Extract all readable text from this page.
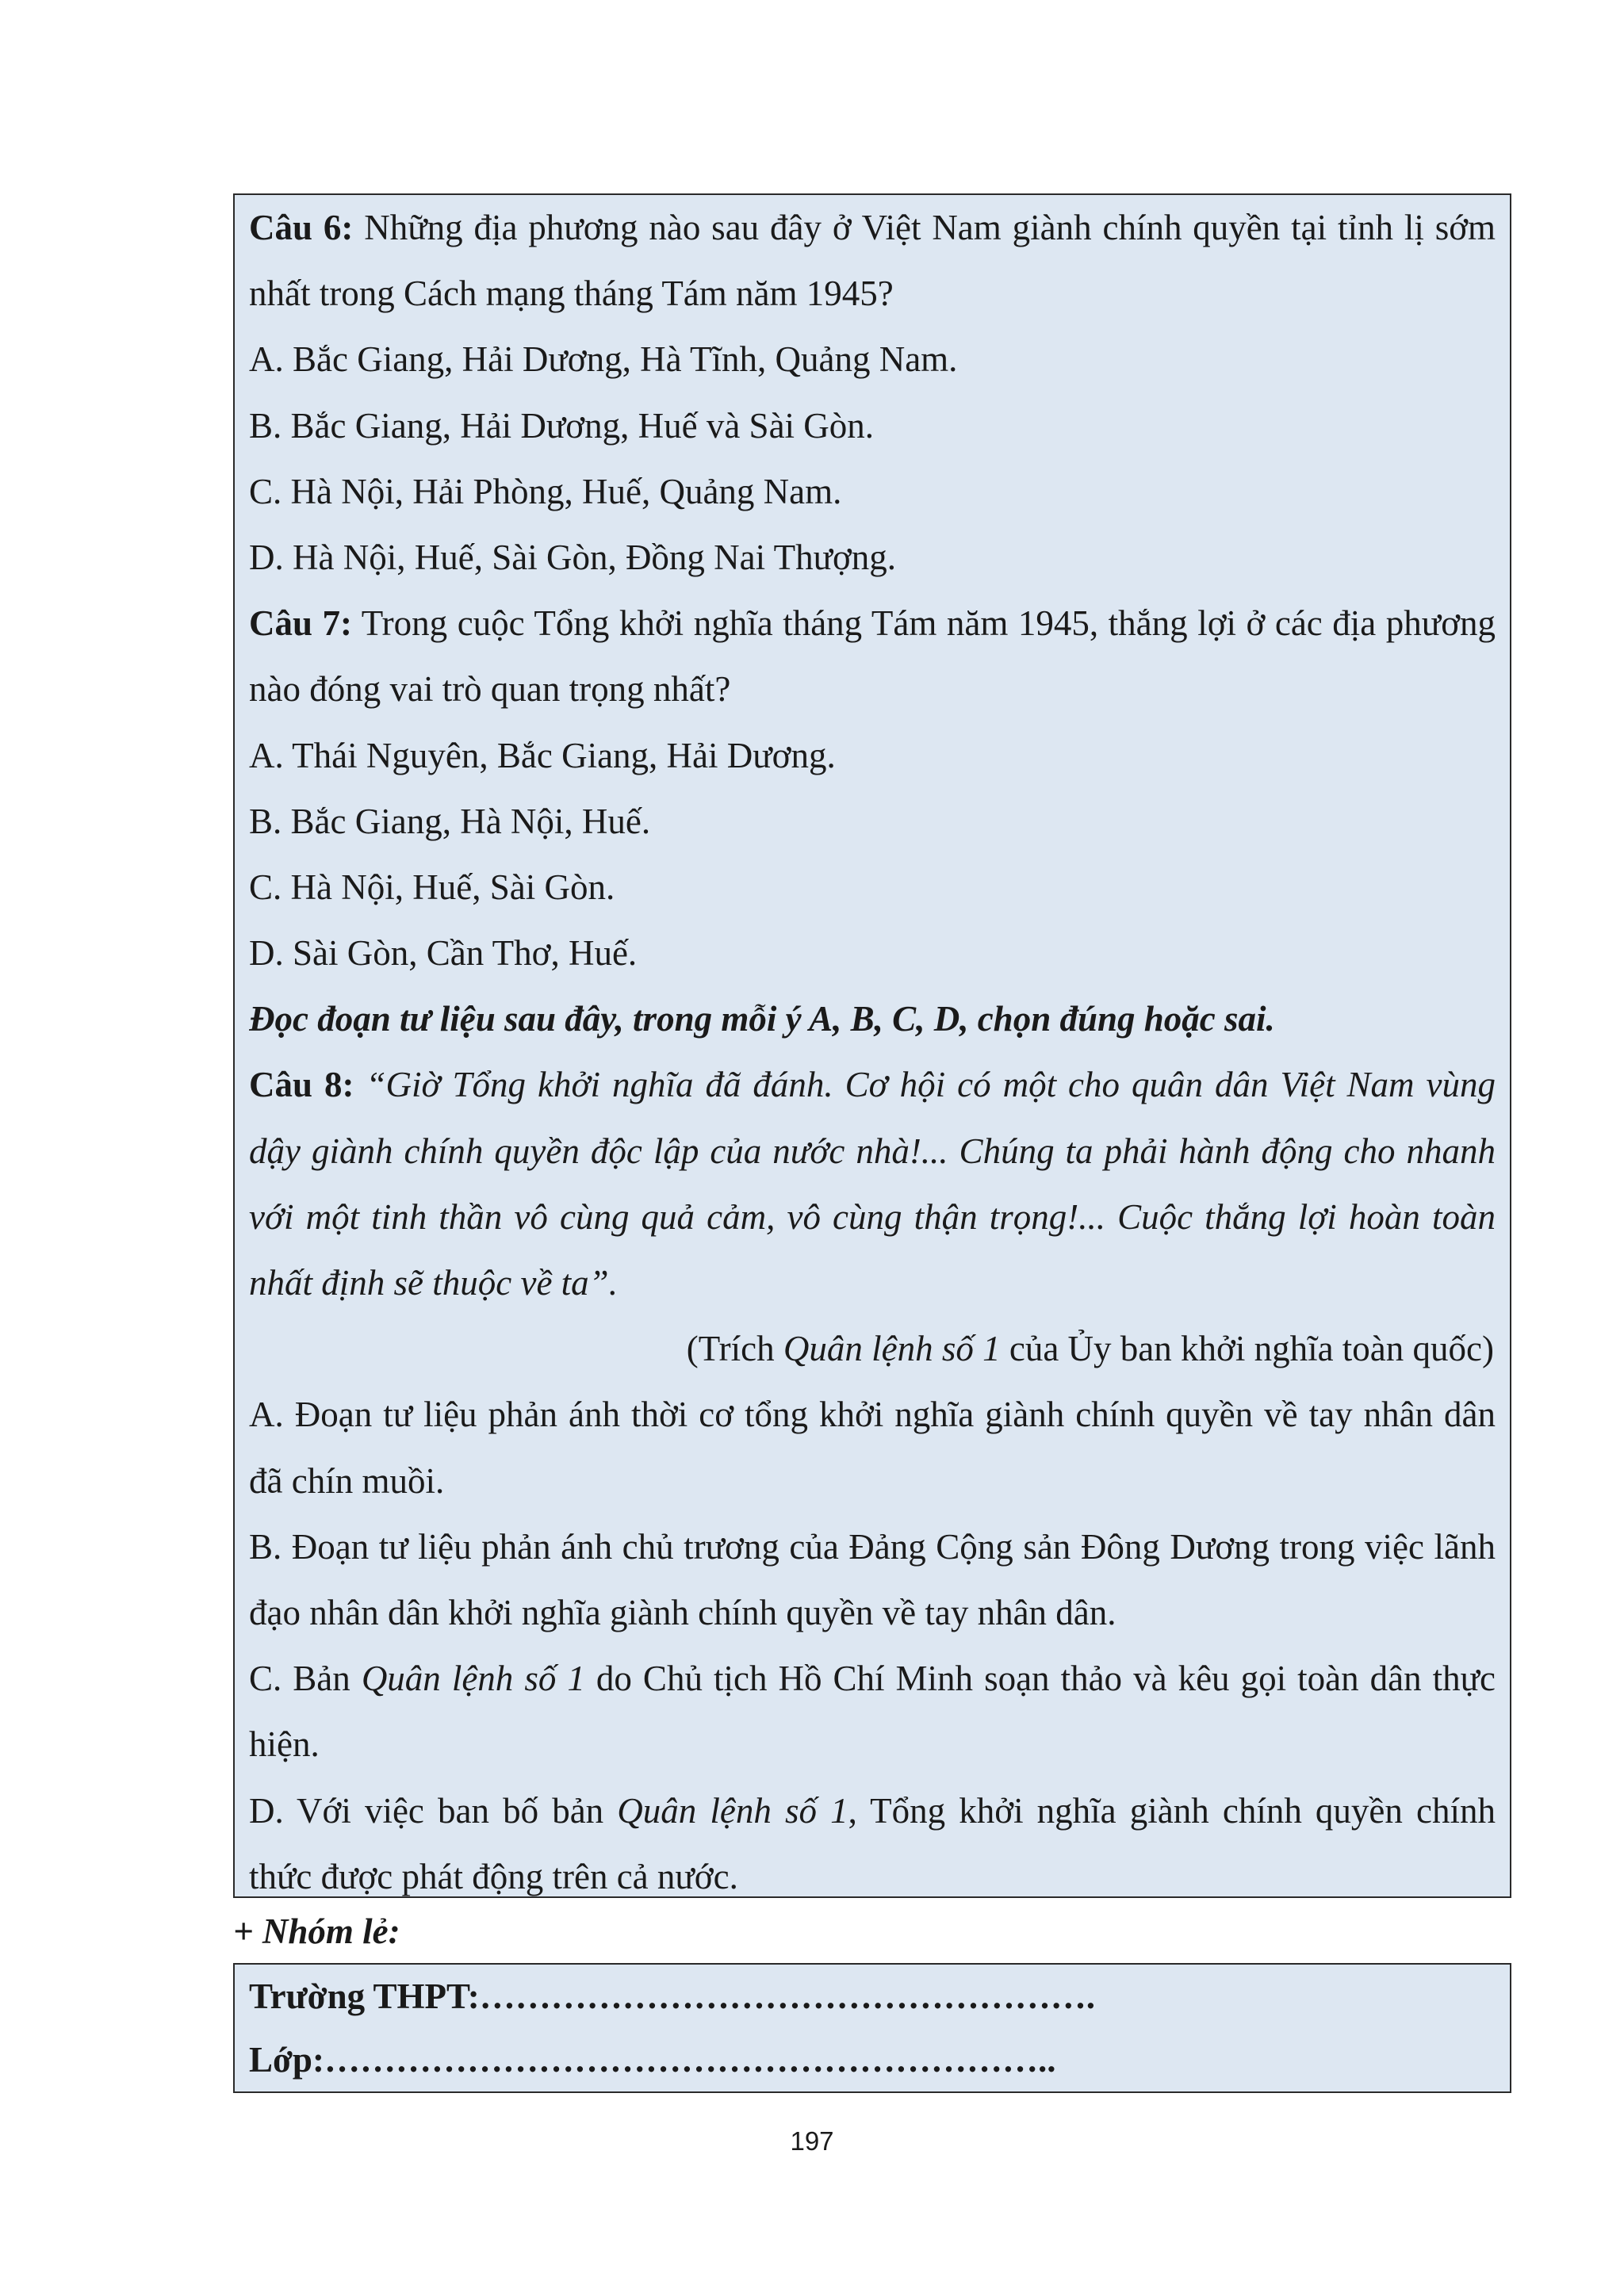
Câu 6: Những địa phương nào sau đây ở Việt Nam giành chính quyền tại tỉnh lị sớm
nhất trong Cách mạng tháng Tám năm 1945?
A. Bắc Giang, Hải Dương, Hà Tĩnh, Quảng Nam.
B. Bắc Giang, Hải Dương, Huế và Sài Gòn.
C. Hà Nội, Hải Phòng, Huế, Quảng Nam.
D. Hà Nội, Huế, Sài Gòn, Đồng Nai Thượng.
Câu 7: Trong cuộc Tổng khởi nghĩa tháng Tám năm 1945, thắng lợi ở các địa phương
nào đóng vai trò quan trọng nhất?
A. Thái Nguyên, Bắc Giang, Hải Dương.
B. Bắc Giang, Hà Nội, Huế.
C. Hà Nội, Huế, Sài Gòn.
D. Sài Gòn, Cần Thơ, Huế.
Đọc đoạn tư liệu sau đây, trong mỗi ý A, B, C, D, chọn đúng hoặc sai.
Câu 8: “Giờ Tổng khởi nghĩa đã đánh. Cơ hội có một cho quân dân Việt Nam vùng
dậy giành chính quyền độc lập của nước nhà!... Chúng ta phải hành động cho nhanh
với một tinh thần vô cùng quả cảm, vô cùng thận trọng!... Cuộc thắng lợi hoàn toàn
nhất định sẽ thuộc về ta”.
(Trích Quân lệnh số 1 của Ủy ban khởi nghĩa toàn quốc)
A. Đoạn tư liệu phản ánh thời cơ tổng khởi nghĩa giành chính quyền về tay nhân dân
đã chín muồi.
B. Đoạn tư liệu phản ánh chủ trương của Đảng Cộng sản Đông Dương trong việc lãnh
đạo nhân dân khởi nghĩa giành chính quyền về tay nhân dân.
C. Bản Quân lệnh số 1 do Chủ tịch Hồ Chí Minh soạn thảo và kêu gọi toàn dân thực
hiện.
D. Với việc ban bố bản Quân lệnh số 1, Tổng khởi nghĩa giành chính quyền chính
thức được phát động trên cả nước.
+ Nhóm lẻ:
Trường THPT:…………………………………………….
Lớp:……………………………………………………..
197
